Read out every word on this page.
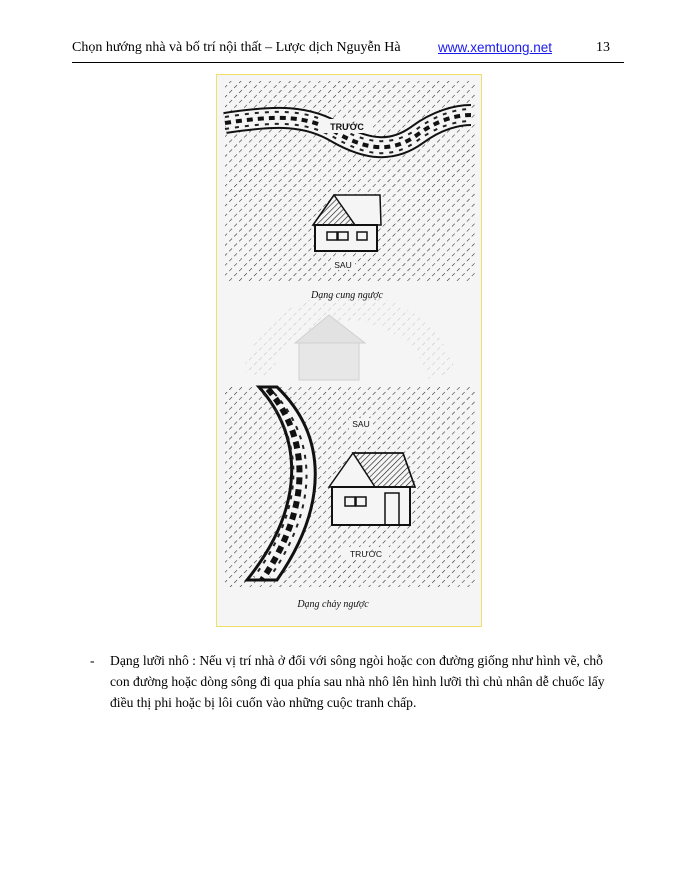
Chọn hướng nhà và bố trí nội thất – Lược dịch Nguyễn Hà	www.xemtuong.net	13
TRƯỚC
SAU
Dạng cung ngược
SAU
TRƯỚC
Dạng chảy ngược
- Dạng lưỡi nhô : Nếu vị trí nhà ở đối với sông ngòi hoặc con đường giống như hình vẽ, chỗ con đường hoặc dòng sông đi qua phía sau nhà nhô lên hình lưỡi thì chủ nhân dễ chuốc lấy điều thị phi hoặc bị lôi cuốn vào những cuộc tranh chấp.
